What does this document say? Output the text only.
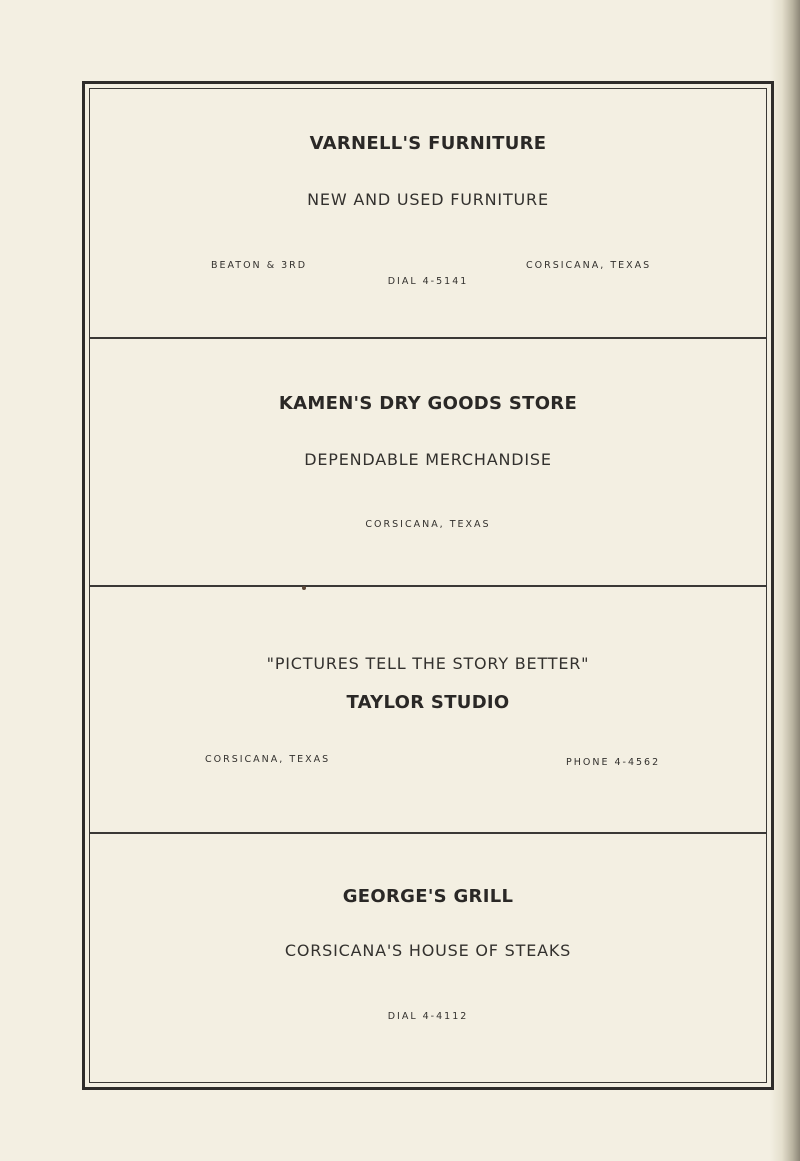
VARNELL'S FURNITURE

NEW AND USED FURNITURE

BEATON & 3RD	CORSICANA, TEXAS

DIAL 4-5141

KAMEN'S DRY GOODS STORE

DEPENDABLE MERCHANDISE

CORSICANA, TEXAS

"PICTURES TELL THE STORY BETTER"

TAYLOR STUDIO

CORSICANA, TEXAS	PHONE 4-4562

GEORGE'S GRILL

CORSICANA'S HOUSE OF STEAKS

DIAL 4-4112
